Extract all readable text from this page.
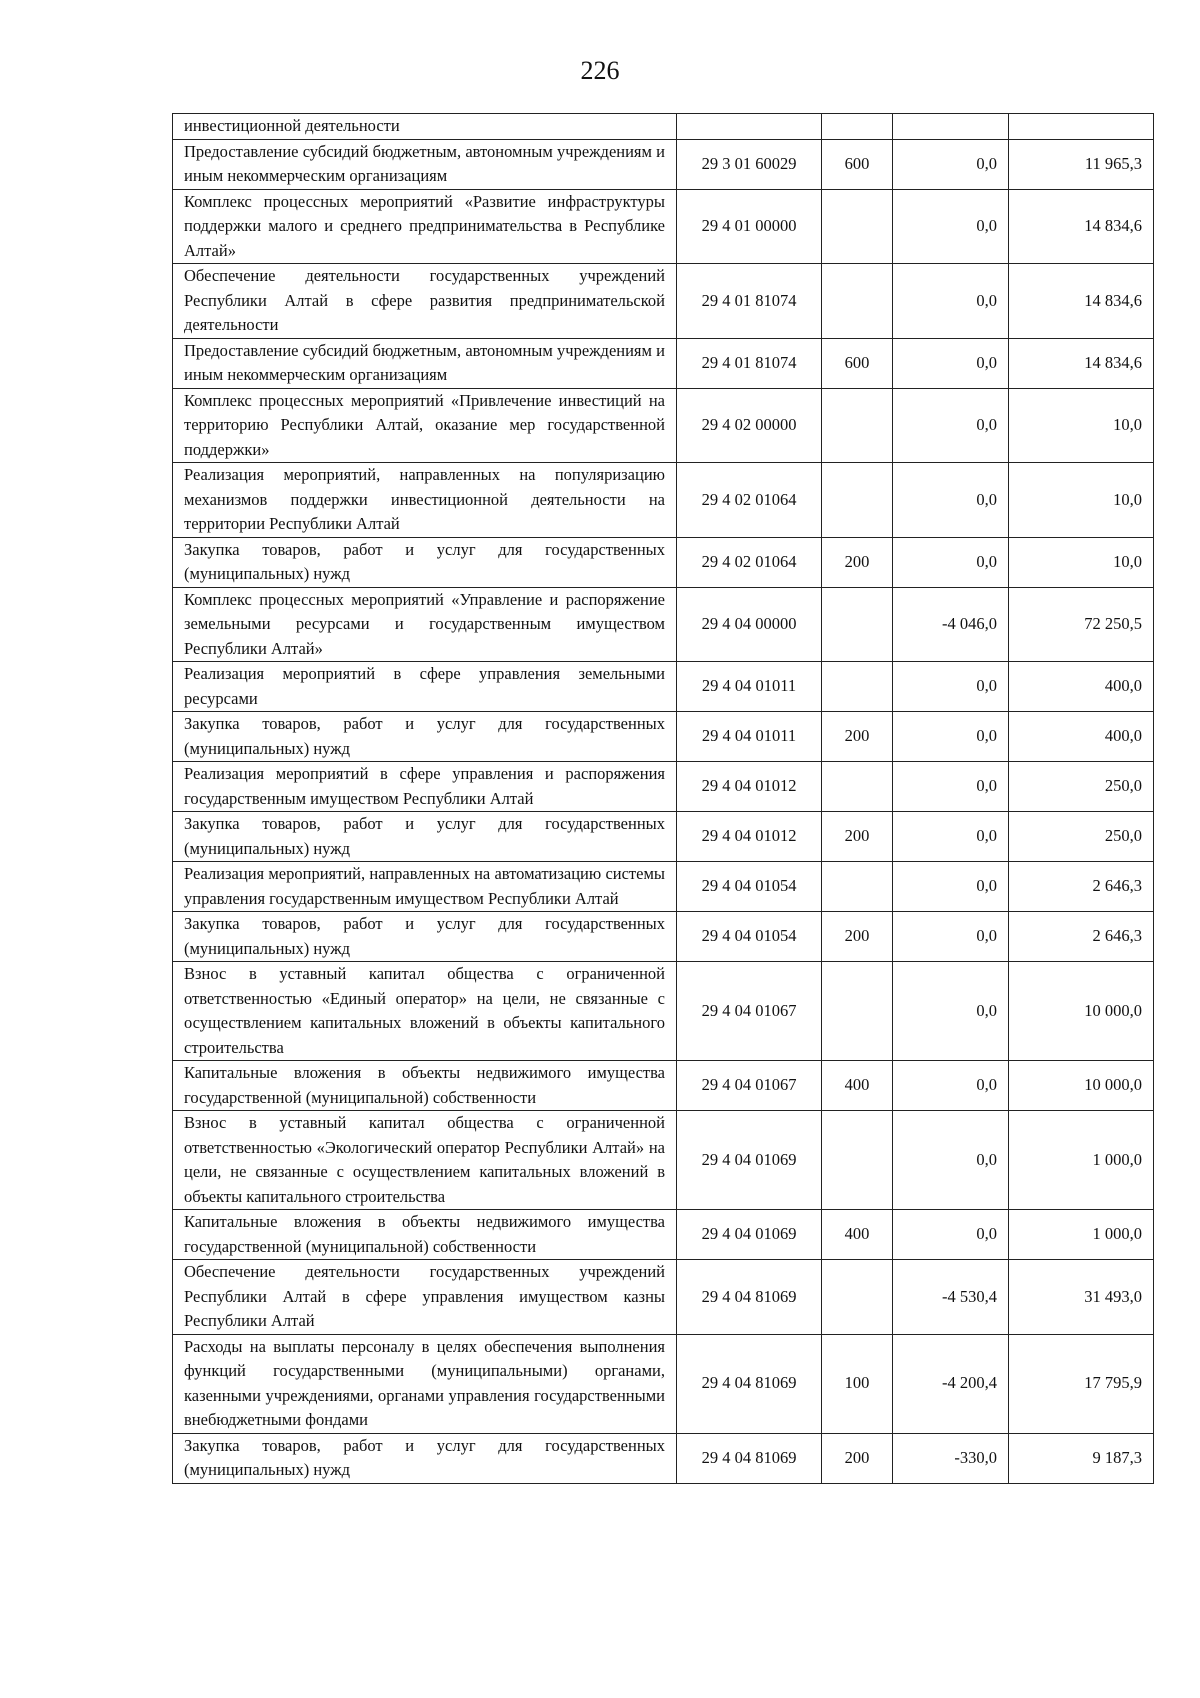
226
инвестиционной деятельности				
Предоставление субсидий бюджетным, автономным учреждениям и иным некоммерческим организациям	29 3 01 60029	600	0,0	11 965,3
Комплекс процессных мероприятий «Развитие инфраструктуры поддержки малого и среднего предпринимательства в Республике Алтай»	29 4 01 00000		0,0	14 834,6
Обеспечение деятельности государственных учреждений Республики Алтай в сфере развития предпринимательской деятельности	29 4 01 81074		0,0	14 834,6
Предоставление субсидий бюджетным, автономным учреждениям и иным некоммерческим организациям	29 4 01 81074	600	0,0	14 834,6
Комплекс процессных мероприятий «Привлечение инвестиций на территорию Республики Алтай, оказание мер государственной поддержки»	29 4 02 00000		0,0	10,0
Реализация мероприятий, направленных на популяризацию механизмов поддержки инвестиционной деятельности на территории Республики Алтай	29 4 02 01064		0,0	10,0
Закупка товаров, работ и услуг для государственных (муниципальных) нужд	29 4 02 01064	200	0,0	10,0
Комплекс процессных мероприятий «Управление и распоряжение земельными ресурсами и государственным имуществом Республики Алтай»	29 4 04 00000		-4 046,0	72 250,5
Реализация мероприятий в сфере управления земельными ресурсами	29 4 04 01011		0,0	400,0
Закупка товаров, работ и услуг для государственных (муниципальных) нужд	29 4 04 01011	200	0,0	400,0
Реализация мероприятий в сфере управления и распоряжения государственным имуществом Республики Алтай	29 4 04 01012		0,0	250,0
Закупка товаров, работ и услуг для государственных (муниципальных) нужд	29 4 04 01012	200	0,0	250,0
Реализация мероприятий, направленных на автоматизацию системы управления государственным имуществом Республики Алтай	29 4 04 01054		0,0	2 646,3
Закупка товаров, работ и услуг для государственных (муниципальных) нужд	29 4 04 01054	200	0,0	2 646,3
Взнос в уставный капитал общества с ограниченной ответственностью «Единый оператор» на цели, не связанные с осуществлением капитальных вложений в объекты капитального строительства	29 4 04 01067		0,0	10 000,0
Капитальные вложения в объекты недвижимого имущества государственной (муниципальной) собственности	29 4 04 01067	400	0,0	10 000,0
Взнос в уставный капитал общества с ограниченной ответственностью «Экологический оператор Республики Алтай» на цели, не связанные с осуществлением капитальных вложений в объекты капитального строительства	29 4 04 01069		0,0	1 000,0
Капитальные вложения в объекты недвижимого имущества государственной (муниципальной) собственности	29 4 04 01069	400	0,0	1 000,0
Обеспечение деятельности государственных учреждений Республики Алтай в сфере управления имуществом казны Республики Алтай	29 4 04 81069		-4 530,4	31 493,0
Расходы на выплаты персоналу в целях обеспечения выполнения функций государственными (муниципальными) органами, казенными учреждениями, органами управления государственными внебюджетными фондами	29 4 04 81069	100	-4 200,4	17 795,9
Закупка товаров, работ и услуг для государственных (муниципальных) нужд	29 4 04 81069	200	-330,0	9 187,3
